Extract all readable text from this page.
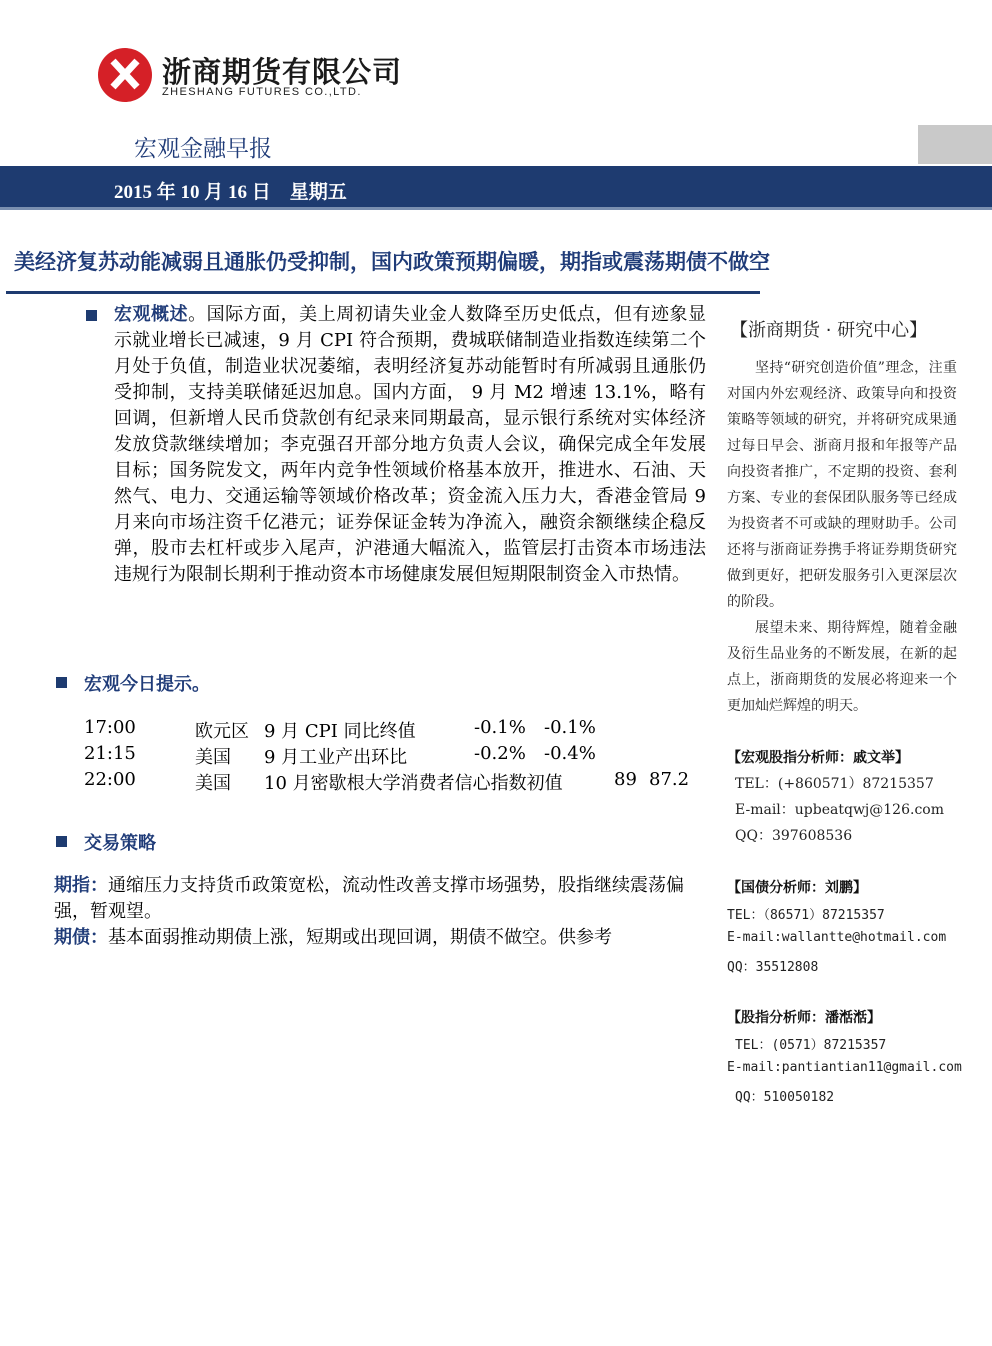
浙商期货有限公司
ZHESHANG FUTURES CO.,LTD.
宏观金融早报
2015 年 10 月 16 日　星期五
美经济复苏动能减弱且通胀仍受抑制，国内政策预期偏暖，期指或震荡期债不做空
宏观概述。国际方面，美上周初请失业金人数降至历史低点，但有迹象显示就业增长已减速，9 月 CPI 符合预期，费城联储制造业指数连续第二个月处于负值，制造业状况萎缩，表明经济复苏动能暂时有所减弱且通胀仍受抑制，支持美联储延迟加息。国内方面， 9 月 M2 增速 13.1%，略有回调，但新增人民币贷款创有纪录来同期最高，显示银行系统对实体经济发放贷款继续增加；李克强召开部分地方负责人会议，确保完成全年发展目标；国务院发文，两年内竞争性领域价格基本放开，推进水、石油、天然气、电力、交通运输等领域价格改革；资金流入压力大，香港金管局 9 月来向市场注资千亿港元；证券保证金转为净流入，融资余额继续企稳反弹，股市去杠杆或步入尾声，沪港通大幅流入，监管层打击资本市场违法违规行为限制长期利于推动资本市场健康发展但短期限制资金入市热情。
宏观今日提示。
17:00	欧元区 9 月 CPI 同比终值	-0.1% -0.1%
21:15	美国 9 月工业产出环比	-0.2% -0.4%
22:00	美国 10 月密歇根大学消费者信心指数初值	89 87.2
交易策略
期指：通缩压力支持货币政策宽松，流动性改善支撑市场强势，股指继续震荡偏强，暂观望。
期债：基本面弱推动期债上涨，短期或出现回调，期债不做空。供参考
【浙商期货 · 研究中心】

坚持“研究创造价值”理念，注重对国内外宏观经济、政策导向和投资策略等领域的研究，并将研究成果通过每日早会、浙商月报和年报等产品向投资者推广，不定期的投资、套利方案、专业的套保团队服务等已经成为投资者不可或缺的理财助手。公司还将与浙商证券携手将证券期货研究做到更好，把研发服务引入更深层次的阶段。

展望未来、期待辉煌，随着金融及衍生品业务的不断发展，在新的起点上，浙商期货的发展必将迎来一个更加灿烂辉煌的明天。

【宏观股指分析师：戚文举】
TEL：(+860571）87215357
E-mail：upbeatqwj@126.com
QQ：397608536
【国债分析师：刘鹏】
TEL：（86571）87215357
E-mail:wallantte@hotmail.com
QQ：35512808
【股指分析师：潘湉湉】
TEL：(0571）87215357
E-mail:pantiantian11@gmail.com
QQ：510050182
